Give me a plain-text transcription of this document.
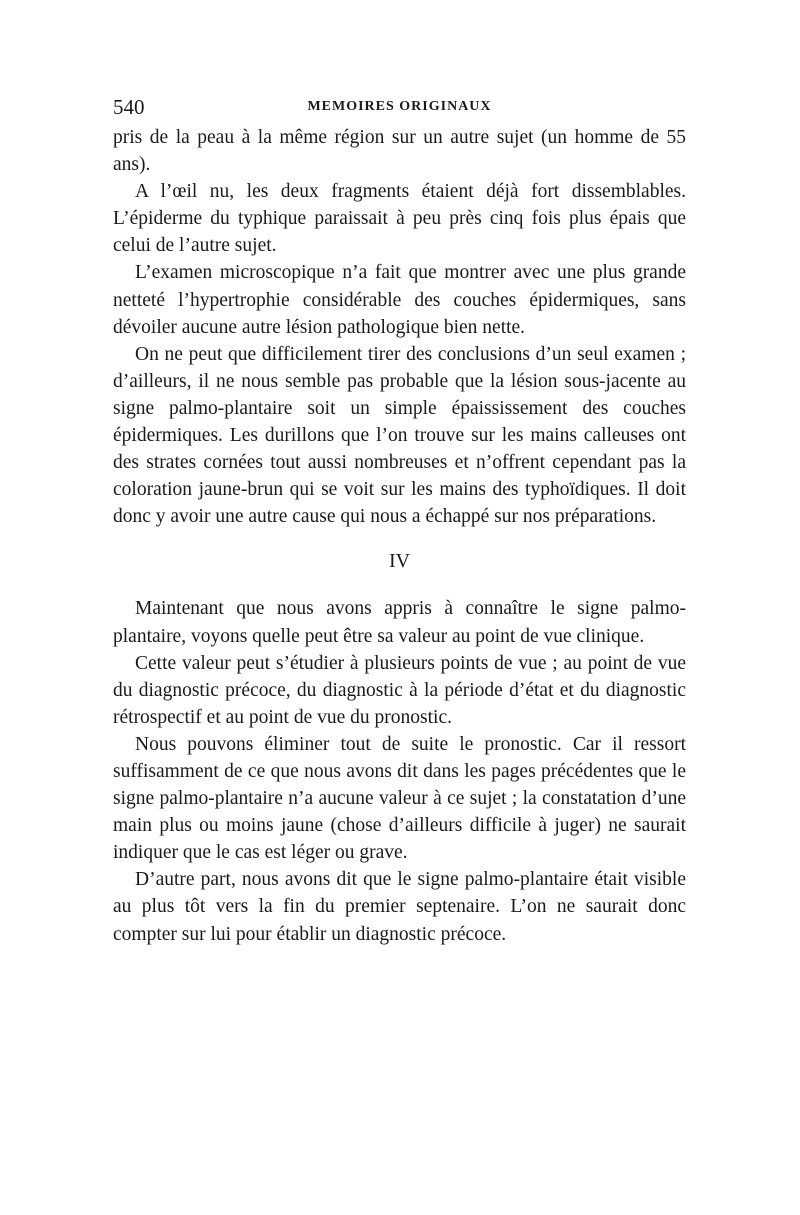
540	MEMOIRES ORIGINAUX

pris de la peau à la même région sur un autre sujet (un homme de 55 ans).

A l’œil nu, les deux fragments étaient déjà fort dissemblables. L’épiderme du typhique paraissait à peu près cinq fois plus épais que celui de l’autre sujet.

L’examen microscopique n’a fait que montrer avec une plus grande netteté l’hypertrophie considérable des couches épidermiques, sans dévoiler aucune autre lésion pathologique bien nette.

On ne peut que difficilement tirer des conclusions d’un seul examen ; d’ailleurs, il ne nous semble pas probable que la lésion sous-jacente au signe palmo-plantaire soit un simple épaississement des couches épidermiques. Les durillons que l’on trouve sur les mains calleuses ont des strates cornées tout aussi nombreuses et n’offrent cependant pas la coloration jaune-brun qui se voit sur les mains des typhoïdiques. Il doit donc y avoir une autre cause qui nous a échappé sur nos préparations.

IV

Maintenant que nous avons appris à connaître le signe palmo-plantaire, voyons quelle peut être sa valeur au point de vue clinique.

Cette valeur peut s’étudier à plusieurs points de vue ; au point de vue du diagnostic précoce, du diagnostic à la période d’état et du diagnostic rétrospectif et au point de vue du pronostic.

Nous pouvons éliminer tout de suite le pronostic. Car il ressort suffisamment de ce que nous avons dit dans les pages précédentes que le signe palmo-plantaire n’a aucune valeur à ce sujet ; la constatation d’une main plus ou moins jaune (chose d’ailleurs difficile à juger) ne saurait indiquer que le cas est léger ou grave.

D’autre part, nous avons dit que le signe palmo-plantaire était visible au plus tôt vers la fin du premier septenaire. L’on ne saurait donc compter sur lui pour établir un diagnostic précoce.
